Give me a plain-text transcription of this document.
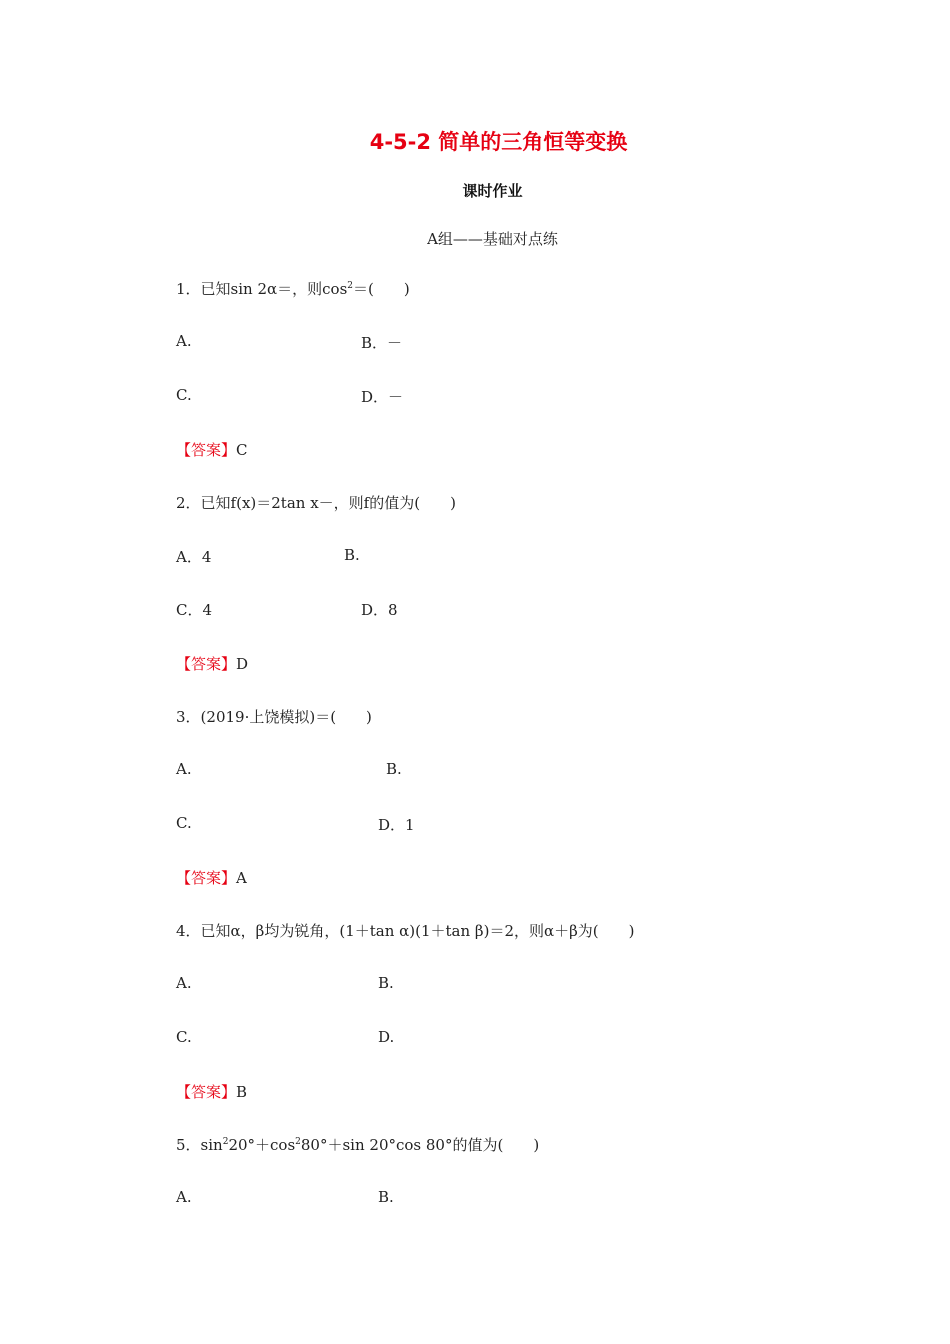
4-5-2 简单的三角恒等变换
课时作业
A组——基础对点练
1．已知sin 2α＝，则$\cos^2=$(　　)
A.	B．－
C.	D．－
【答案】C
2．已知f(x)＝2tan x－，则f的值为(　　)
A．4	B.
C．4	D．8
【答案】D
3．(2019·上饶模拟)＝(　　)
A.	B.
C.	D．1
【答案】A
4．已知α，β均为锐角，(1＋tan α)(1＋tan β)＝2，则α＋β为(　　)
A.	B.
C.	D.
【答案】B
5．$\sin^220^\circ+\cos^280^\circ+\sin$ 20°cos 80°的值为(　　)
A.	B.
